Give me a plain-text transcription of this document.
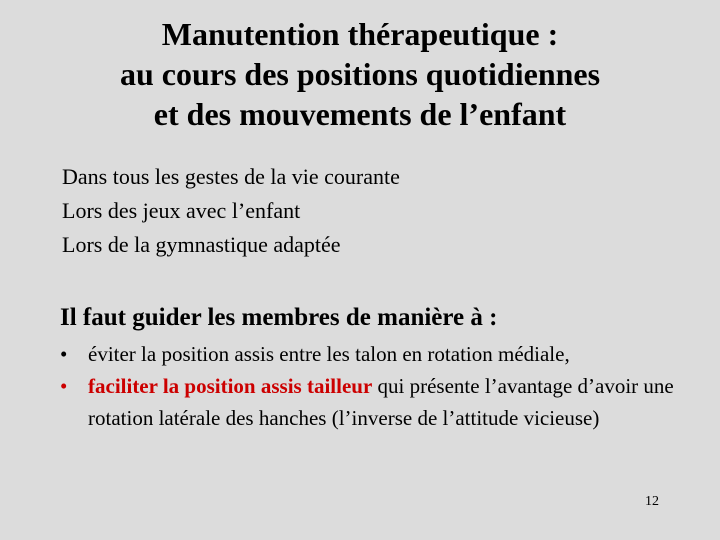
Manutention thérapeutique :
au cours des positions quotidiennes
et des mouvements de l’enfant
Dans tous les gestes de la vie courante
Lors des jeux avec l’enfant
Lors de la gymnastique adaptée
Il faut guider les membres de manière à :
• éviter la position assis entre les talon en rotation médiale,
• faciliter la position assis tailleur qui présente l’avantage d’avoir une rotation latérale des hanches (l’inverse de l’attitude vicieuse)
12
